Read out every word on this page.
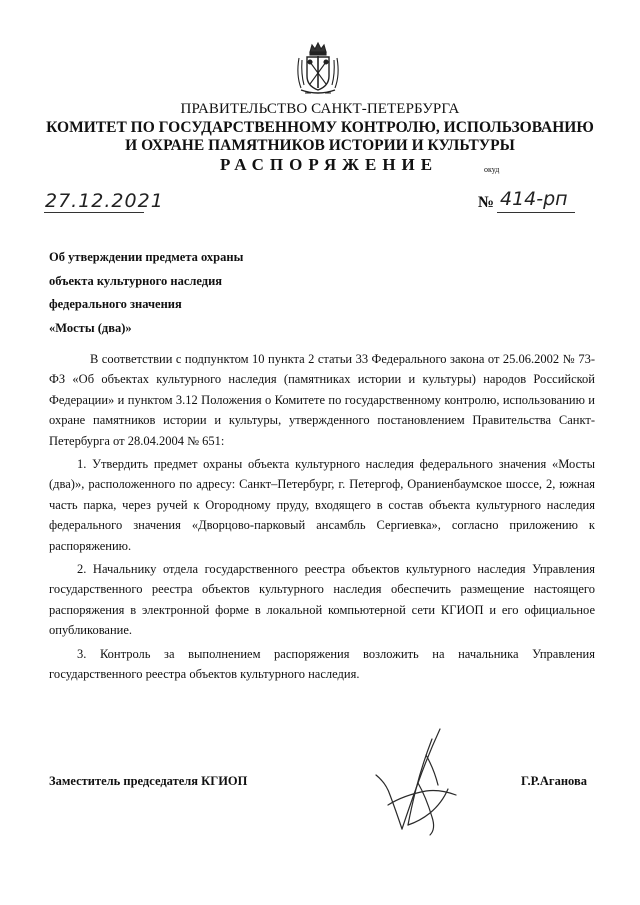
ПРАВИТЕЛЬСТВО САНКТ-ПЕТЕРБУРГА
КОМИТЕТ ПО ГОСУДАРСТВЕННОМУ КОНТРОЛЮ, ИСПОЛЬЗОВАНИЮ
И ОХРАНЕ ПАМЯТНИКОВ ИСТОРИИ И КУЛЬТУРЫ
РАСПОРЯЖЕНИЕ	окуд
27.12.2021	№ 414-рп
Об утверждении предмета охраны
объекта культурного наследия
федерального значения
«Мосты (два)»

В соответствии с подпунктом 10 пункта 2 статьи 33 Федерального закона от 25.06.2002 № 73-ФЗ «Об объектах культурного наследия (памятниках истории и культуры) народов Российской Федерации» и пунктом 3.12 Положения о Комитете по государственному контролю, использованию и охране памятников истории и культуры, утвержденного постановлением Правительства Санкт-Петербурга от 28.04.2004 № 651:

1. Утвердить предмет охраны объекта культурного наследия федерального значения «Мосты (два)», расположенного по адресу: Санкт–Петербург, г. Петергоф, Ораниенбаумское шоссе, 2, южная часть парка, через ручей к Огородному пруду, входящего в состав объекта культурного наследия федерального значения «Дворцово-парковый ансамбль Сергиевка», согласно приложению к распоряжению.

2. Начальнику отдела государственного реестра объектов культурного наследия Управления государственного реестра объектов культурного наследия обеспечить размещение настоящего распоряжения в электронной форме в локальной компьютерной сети КГИОП и его официальное опубликование.

3. Контроль за выполнением распоряжения возложить на начальника Управления государственного реестра объектов культурного наследия.

Заместитель председателя КГИОП	Г.Р.Аганова
